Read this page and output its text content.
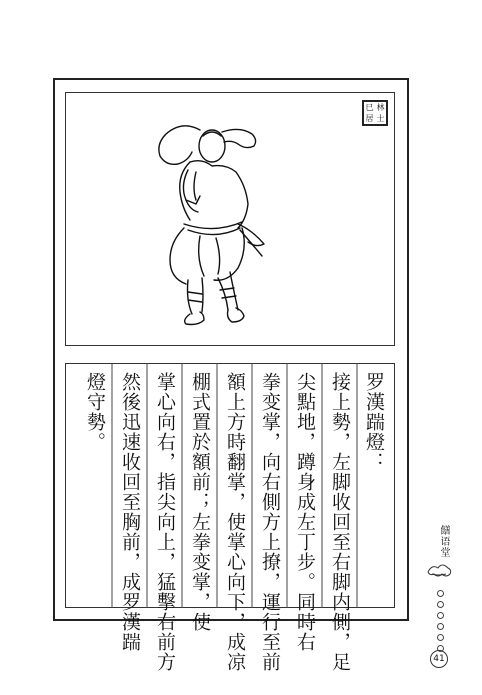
巳 林
居 士
罗漢踹燈：
接上勢，左脚收回至右脚内側，足
尖點地，蹲身成左丁步。同時右
拳变掌，向右側方上撩，運行至前
額上方時翻掌，使掌心向下，成凉
棚式置於額前；左拳变掌，使
掌心向右，指尖向上，猛擊右前方
然後迅速收回至胸前，成罗漢踹
燈守勢。
饍语堂
41
